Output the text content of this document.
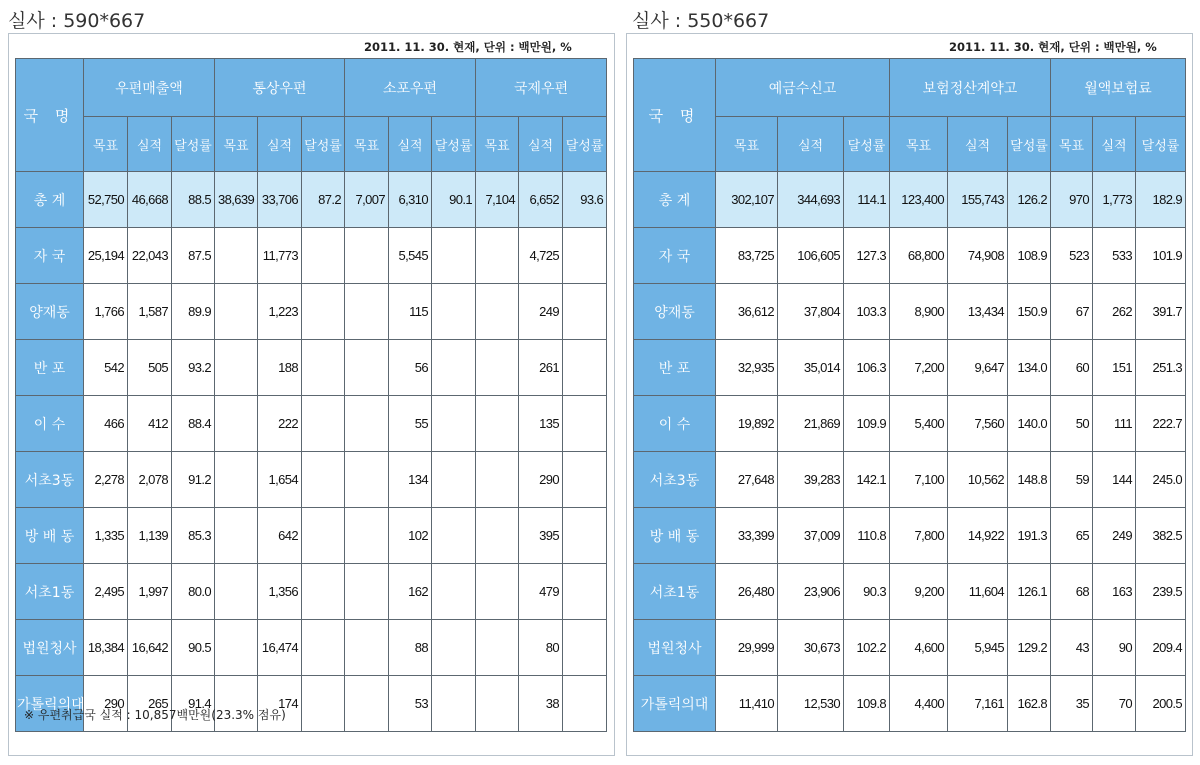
실사 : 590*667	실사 : 550*667
2011. 11. 30. 현재, 단위 : 백만원, %
국 명	우편매출액			통상우편			소포우편			국제우편		
	목표	실적	달성률	목표	실적	달성률	목표	실적	달성률	목표	실적	달성률
총 계	52,750	46,668	88.5	38,639	33,706	87.2	7,007	6,310	90.1	7,104	6,652	93.6
자 국	25,194	22,043	87.5		11,773			5,545			4,725	
양재동	1,766	1,587	89.9		1,223			115			249	
반 포	542	505	93.2		188			56			261	
이 수	466	412	88.4		222			55			135	
서초3동	2,278	2,078	91.2		1,654			134			290	
방 배 동	1,335	1,139	85.3		642			102			395	
서초1동	2,495	1,997	80.0		1,356			162			479	
법원청사	18,384	16,642	90.5		16,474			88			80	
가톨릭의대	290	265	91.4		174			53			38	
※ 우편취급국 실적 : 10,857백만원(23.3% 점유)
2011. 11. 30. 현재, 단위 : 백만원, %
국 명	예금수신고			보험정산계약고			월액보험료		
	목표	실적	달성률	목표	실적	달성률	목표	실적	달성률
총 계	302,107	344,693	114.1	123,400	155,743	126.2	970	1,773	182.9
자 국	83,725	106,605	127.3	68,800	74,908	108.9	523	533	101.9
양재동	36,612	37,804	103.3	8,900	13,434	150.9	67	262	391.7
반 포	32,935	35,014	106.3	7,200	9,647	134.0	60	151	251.3
이 수	19,892	21,869	109.9	5,400	7,560	140.0	50	111	222.7
서초3동	27,648	39,283	142.1	7,100	10,562	148.8	59	144	245.0
방 배 동	33,399	37,009	110.8	7,800	14,922	191.3	65	249	382.5
서초1동	26,480	23,906	90.3	9,200	11,604	126.1	68	163	239.5
법원청사	29,999	30,673	102.2	4,600	5,945	129.2	43	90	209.4
가톨릭의대	11,410	12,530	109.8	4,400	7,161	162.8	35	70	200.5
